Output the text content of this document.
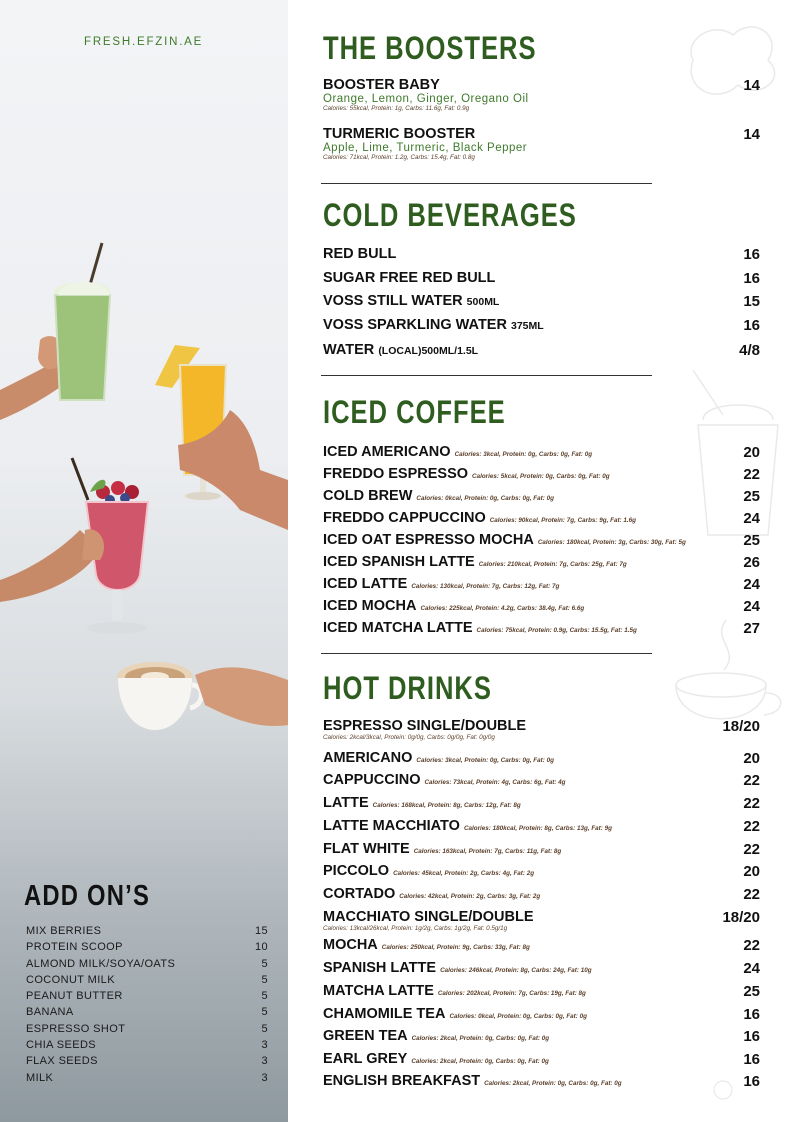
FRESH.EFZIN.AE
ADD ON’S
MIX BERRIES	15
PROTEIN SCOOP	10
ALMOND MILK/SOYA/OATS	5
COCONUT MILK	5
PEANUT BUTTER	5
BANANA	5
ESPRESSO SHOT	5
CHIA SEEDS	3
FLAX SEEDS	3
MILK	3
THE BOOSTERS
BOOSTER BABY
Orange, Lemon, Ginger, Oregano Oil
Calories: 55kcal, Protein: 1g, Carbs: 11.6g, Fat: 0.9g
14
TURMERIC BOOSTER
Apple, Lime, Turmeric, Black Pepper
Calories: 71kcal, Protein: 1.2g, Carbs: 15.4g, Fat: 0.8g
14
COLD BEVERAGES
RED BULL	16
SUGAR FREE RED BULL	16
VOSS STILL WATER 500ML	15
VOSS SPARKLING WATER 375ML	16
WATER (LOCAL)500ML/1.5L	4/8
ICED COFFEE
ICED AMERICANO Calories: 3kcal, Protein: 0g, Carbs: 0g, Fat: 0g	20
FREDDO ESPRESSO Calories: 5kcal, Protein: 0g, Carbs: 0g, Fat: 0g	22
COLD BREW Calories: 0kcal, Protein: 0g, Carbs: 0g, Fat: 0g	25
FREDDO CAPPUCCINO Calories: 90kcal, Protein: 7g, Carbs: 9g, Fat: 1.6g	24
ICED OAT ESPRESSO MOCHA Calories: 180kcal, Protein: 3g, Carbs: 30g, Fat: 5g	25
ICED SPANISH LATTE Calories: 210kcal, Protein: 7g, Carbs: 25g, Fat: 7g	26
ICED LATTE Calories: 130kcal, Protein: 7g, Carbs: 12g, Fat: 7g	24
ICED MOCHA Calories: 225kcal, Protein: 4.2g, Carbs: 38.4g, Fat: 6.6g	24
ICED MATCHA LATTE Calories: 75kcal, Protein: 0.9g, Carbs: 15.5g, Fat: 1.5g	27
HOT DRINKS
ESPRESSO SINGLE/DOUBLE
Calories: 2kcal/3kcal, Protein: 0g/0g, Carbs: 0g/0g, Fat: 0g/0g
18/20
AMERICANO Calories: 3kcal, Protein: 0g, Carbs: 0g, Fat: 0g	20
CAPPUCCINO Calories: 73kcal, Protein: 4g, Carbs: 6g, Fat: 4g	22
LATTE Calories: 168kcal, Protein: 8g, Carbs: 12g, Fat: 8g	22
LATTE MACCHIATO Calories: 180kcal, Protein: 8g, Carbs: 13g, Fat: 9g	22
FLAT WHITE Calories: 163kcal, Protein: 7g, Carbs: 11g, Fat: 8g	22
PICCOLO Calories: 45kcal, Protein: 2g, Carbs: 4g, Fat: 2g	20
CORTADO Calories: 42kcal, Protein: 2g, Carbs: 3g, Fat: 2g	22
MACCHIATO SINGLE/DOUBLE
Calories: 13kcal/26kcal, Protein: 1g/2g, Carbs: 1g/2g, Fat: 0.5g/1g
18/20
MOCHA Calories: 250kcal, Protein: 9g, Carbs: 33g, Fat: 8g	22
SPANISH LATTE Calories: 246kcal, Protein: 8g, Carbs: 24g, Fat: 10g	24
MATCHA LATTE Calories: 202kcal, Protein: 7g, Carbs: 19g, Fat: 8g	25
CHAMOMILE TEA Calories: 0kcal, Protein: 0g, Carbs: 0g, Fat: 0g	16
GREEN TEA Calories: 2kcal, Protein: 0g, Carbs: 0g, Fat: 0g	16
EARL GREY Calories: 2kcal, Protein: 0g, Carbs: 0g, Fat: 0g	16
ENGLISH BREAKFAST Calories: 2kcal, Protein: 0g, Carbs: 0g, Fat: 0g	16
